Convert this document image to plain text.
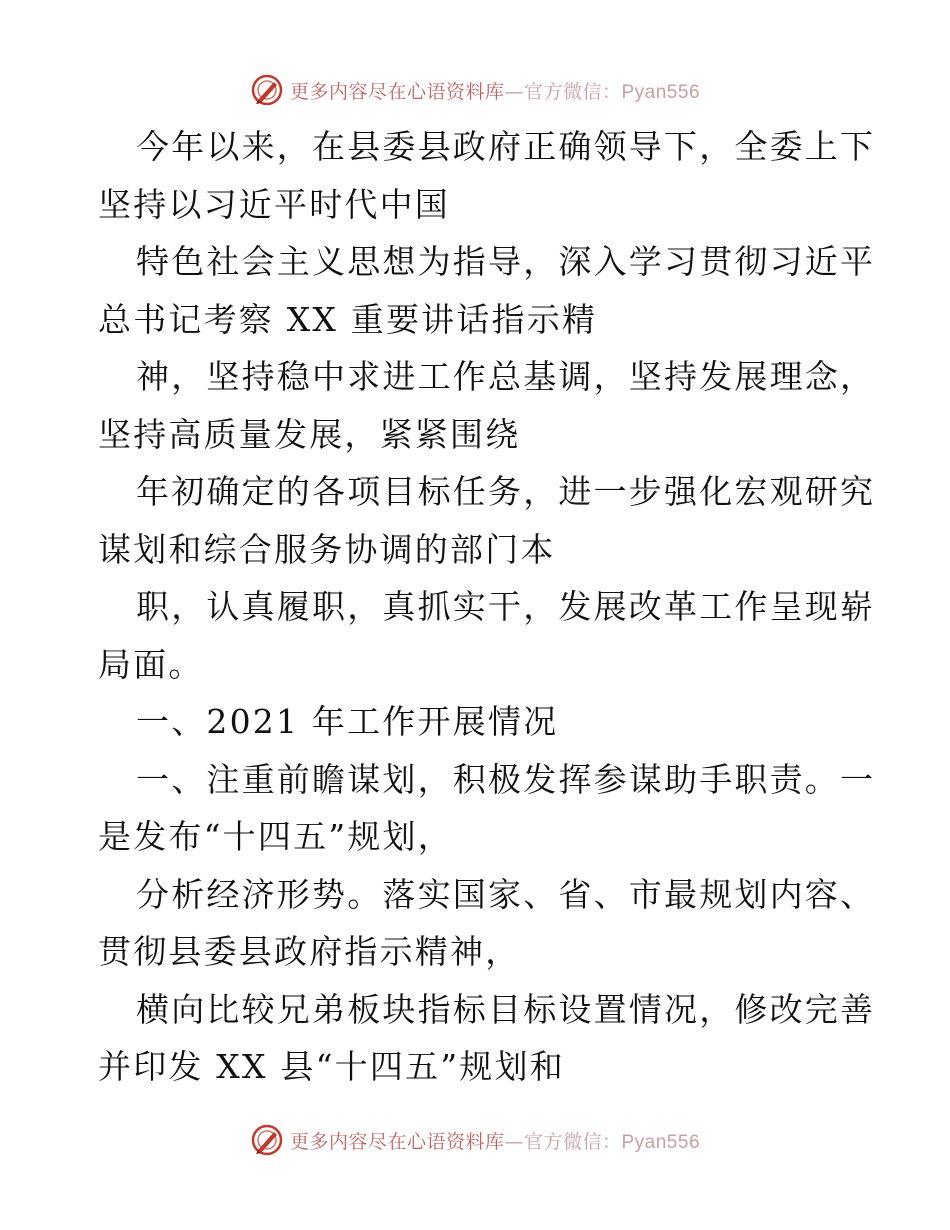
更多内容尽在心语资料库—官方微信：Pyan556

今年以来，在县委县政府正确领导下，全委上下
坚持以习近平时代中国

特色社会主义思想为指导，深入学习贯彻习近平
总书记考察 XX 重要讲话指示精

神，坚持稳中求进工作总基调，坚持发展理念，
坚持高质量发展，紧紧围绕

年初确定的各项目标任务，进一步强化宏观研究
谋划和综合服务协调的部门本

职，认真履职，真抓实干，发展改革工作呈现崭
局面。

一、2021 年工作开展情况

一、注重前瞻谋划，积极发挥参谋助手职责。一
是发布“十四五”规划，

分析经济形势。落实国家、省、市最规划内容、
贯彻县委县政府指示精神，

横向比较兄弟板块指标目标设置情况，修改完善
并印发 XX 县“十四五”规划和

更多内容尽在心语资料库—官方微信：Pyan556
